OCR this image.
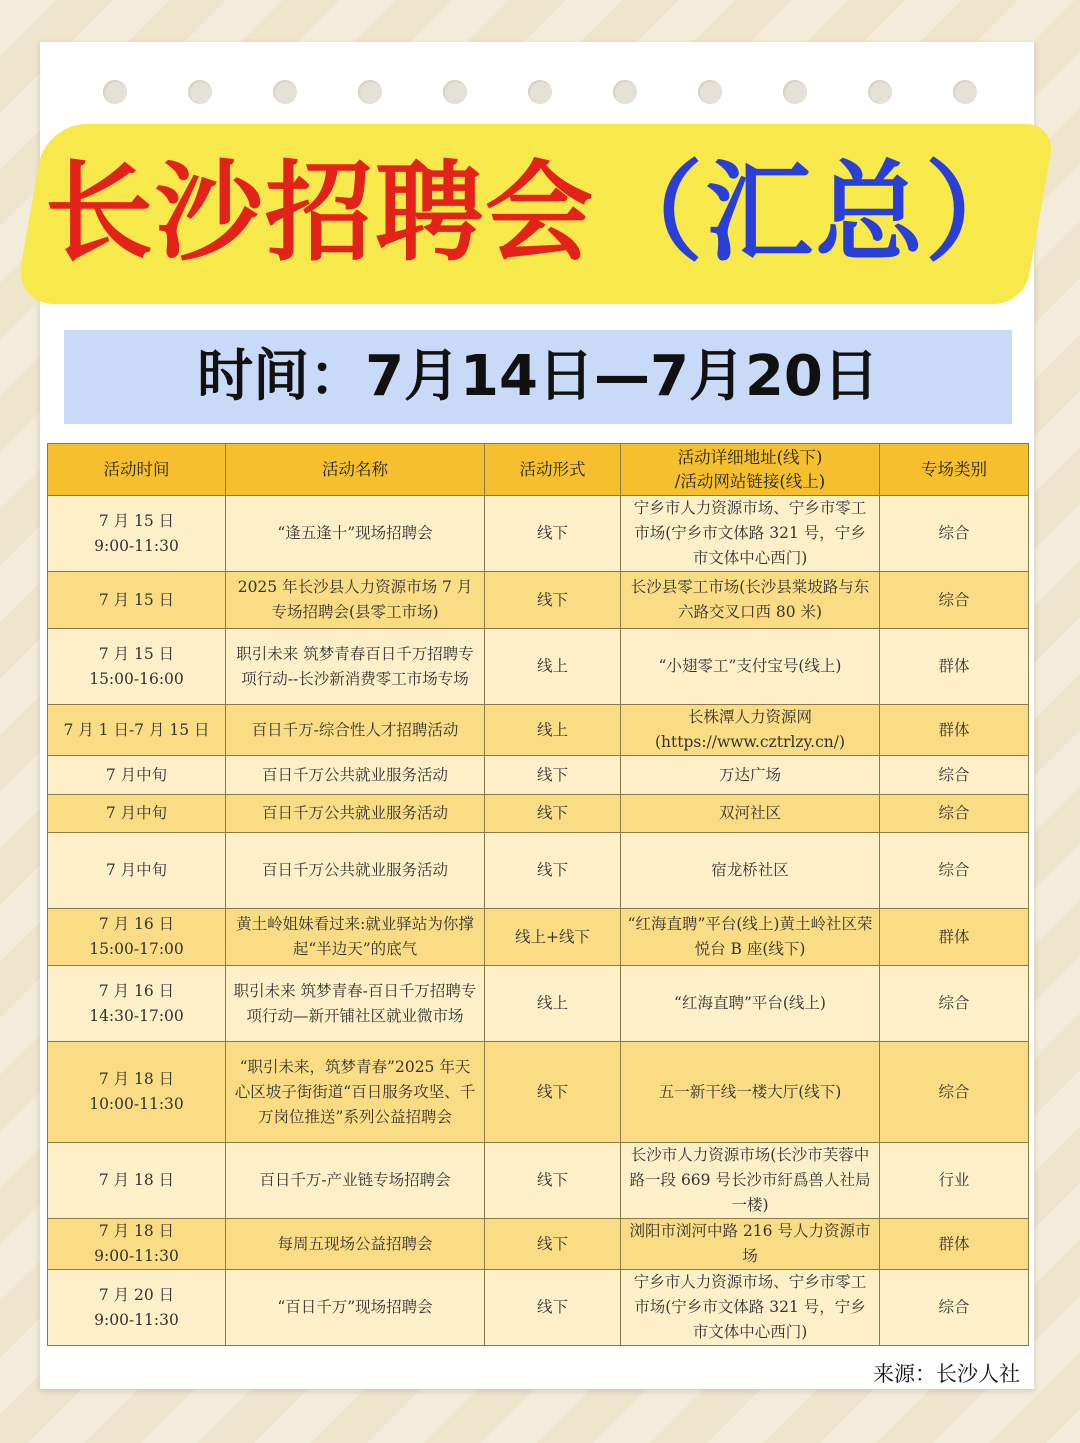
长沙招聘会（汇总）
时间：7月14日—7月20日
活动时间	活动名称	活动形式	活动详细地址(线下)
/活动网站链接(线上)	专场类别

7 月 15 日
9:00-11:30	“逢五逢十”现场招聘会	线下	宁乡市人力资源市场、宁乡市零工市场(宁乡市文体路 321 号，宁乡市文体中心西门)	综合

7 月 15 日	2025 年长沙县人力资源市场 7 月专场招聘会(县零工市场)	线下	长沙县零工市场(长沙县棠坡路与东六路交叉口西 80 米)	综合

7 月 15 日
15:00-16:00	职引未来 筑梦青春百日千万招聘专项行动--长沙新消费零工市场专场	线上	“小翅零工”支付宝号(线上)	群体

7 月 1 日-7 月 15 日	百日千万-综合性人才招聘活动	线上	长株潭人力资源网(https://www.cztrlzy.cn/)	群体

7 月中旬	百日千万公共就业服务活动	线下	万达广场	综合

7 月中旬	百日千万公共就业服务活动	线下	双河社区	综合

7 月中旬	百日千万公共就业服务活动	线下	宿龙桥社区	综合

7 月 16 日
15:00-17:00	黄土岭姐妹看过来:就业驿站为你撑起“半边天”的底气	线上+线下	“红海直聘”平台(线上)黄土岭社区荣悦台 B 座(线下)	群体

7 月 16 日
14:30-17:00	职引未来 筑梦青春-百日千万招聘专项行动—新开铺社区就业微市场	线上	“红海直聘”平台(线上)	综合

7 月 18 日
10:00-11:30	“职引未来，筑梦青春”2025 年天心区坡子街街道“百日服务攻坚、千万岗位推送”系列公益招聘会	线下	五一新干线一楼大厅(线下)	综合

7 月 18 日	百日千万-产业链专场招聘会	线下	长沙市人力资源市场(长沙市芙蓉中路一段 669 号长沙市紆爲兽人社局一楼)	行业

7 月 18 日
9:00-11:30	每周五现场公益招聘会	线下	浏阳市浏河中路 216 号人力资源市场	群体

7 月 20 日
9:00-11:30	“百日千万”现场招聘会	线下	宁乡市人力资源市场、宁乡市零工市场(宁乡市文体路 321 号，宁乡市文体中心西门)	综合
来源：长沙人社
